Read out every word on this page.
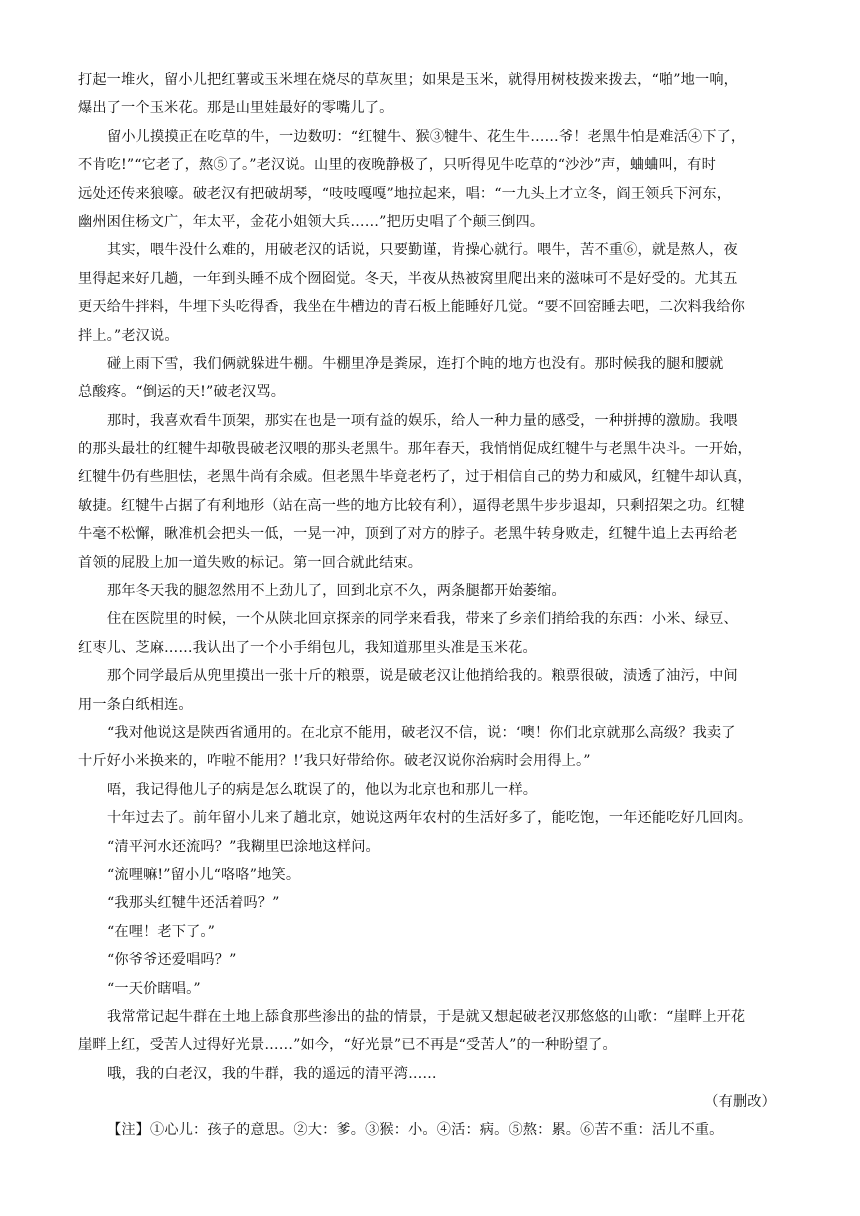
打起一堆火，留小儿把红薯或玉米埋在烧尽的草灰里；如果是玉米，就得用树枝拨来拨去，“啪”地一响，
爆出了一个玉米花。那是山里娃最好的零嘴儿了。
留小儿摸摸正在吃草的牛，一边数叨：“红犍牛、猴③犍牛、花生牛……爷！老黑牛怕是难活④下了，
不肯吃!”“它老了，熬⑤了。”老汉说。山里的夜晚静极了，只听得见牛吃草的“沙沙”声，蛐蛐叫，有时
远处还传来狼嚎。破老汉有把破胡琴，“吱吱嘎嘎”地拉起来，唱：“一九头上才立冬，阎王领兵下河东，
幽州困住杨文广，年太平，金花小姐领大兵……”把历史唱了个颠三倒四。
其实，喂牛没什么难的，用破老汉的话说，只要勤谨，肯操心就行。喂牛，苦不重⑥，就是熬人，夜
里得起来好几趟，一年到头睡不成个囫囵觉。冬天，半夜从热被窝里爬出来的滋味可不是好受的。尤其五
更天给牛拌料，牛埋下头吃得香，我坐在牛槽边的青石板上能睡好几觉。“要不回窑睡去吧，二次料我给你
拌上。”老汉说。
碰上雨下雪，我们俩就躲进牛棚。牛棚里净是粪尿，连打个盹的地方也没有。那时候我的腿和腰就
总酸疼。“倒运的天!”破老汉骂。
那时，我喜欢看牛顶架，那实在也是一项有益的娱乐，给人一种力量的感受，一种拼搏的激励。我喂
的那头最壮的红犍牛却敬畏破老汉喂的那头老黑牛。那年春天，我悄悄促成红犍牛与老黑牛决斗。一开始，
红犍牛仍有些胆怯，老黑牛尚有余威。但老黑牛毕竟老朽了，过于相信自己的势力和威风，红犍牛却认真，
敏捷。红犍牛占据了有利地形（站在高一些的地方比较有利），逼得老黑牛步步退却，只剩招架之功。红犍
牛毫不松懈，瞅准机会把头一低，一晃一冲，顶到了对方的脖子。老黑牛转身败走，红犍牛追上去再给老
首领的屁股上加一道失败的标记。第一回合就此结束。
那年冬天我的腿忽然用不上劲儿了，回到北京不久，两条腿都开始萎缩。
住在医院里的时候，一个从陕北回京探亲的同学来看我，带来了乡亲们捎给我的东西：小米、绿豆、
红枣儿、芝麻……我认出了一个小手绢包儿，我知道那里头准是玉米花。
那个同学最后从兜里摸出一张十斤的粮票，说是破老汉让他捎给我的。粮票很破，渍透了油污，中间
用一条白纸相连。
“我对他说这是陕西省通用的。在北京不能用，破老汉不信，说：‘噢！你们北京就那么高级？我卖了
十斤好小米换来的，咋啦不能用？!’我只好带给你。破老汉说你治病时会用得上。”
唔，我记得他儿子的病是怎么耽误了的，他以为北京也和那儿一样。
十年过去了。前年留小儿来了趟北京，她说这两年农村的生活好多了，能吃饱，一年还能吃好几回肉。
“清平河水还流吗？”我糊里巴涂地这样问。
“流哩嘛!”留小儿“咯咯”地笑。
“我那头红犍牛还活着吗？”
“在哩！老下了。”
“你爷爷还爱唱吗？”
“一天价瞎唱。”
我常常记起牛群在土地上舔食那些渗出的盐的情景，于是就又想起破老汉那悠悠的山歌：“崖畔上开花
崖畔上红，受苦人过得好光景……”如今，“好光景”已不再是“受苦人”的一种盼望了。
哦，我的白老汉，我的牛群，我的遥远的清平湾……
（有删改）
【注】①心儿：孩子的意思。②大：爹。③猴：小。④活：病。⑤熬：累。⑥苦不重：活儿不重。
